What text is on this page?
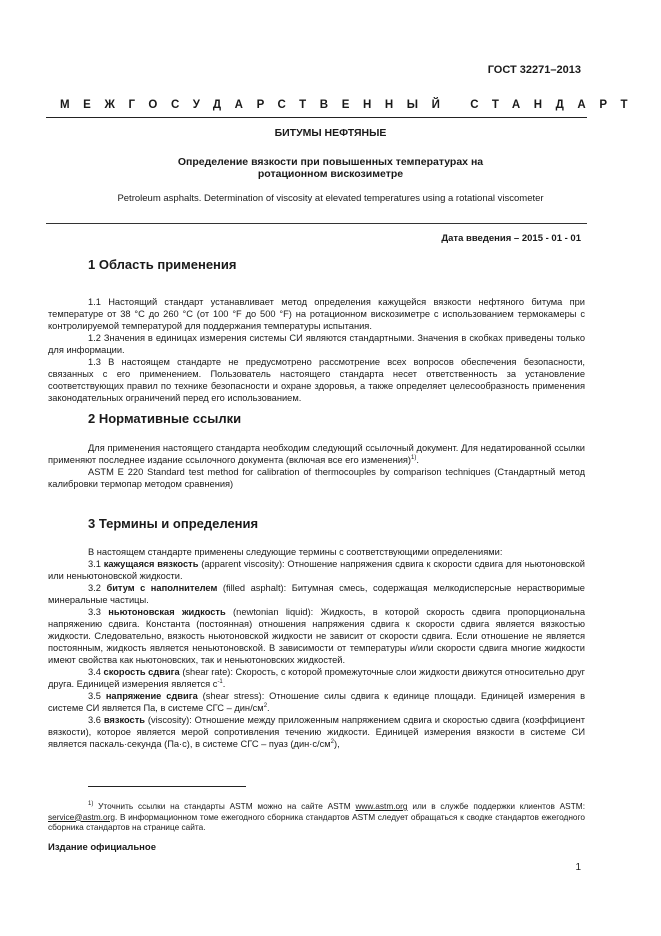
ГОСТ 32271–2013
МЕЖГОСУДАРСТВЕННЫЙ СТАНДАРТ
БИТУМЫ НЕФТЯНЫЕ
Определение вязкости при повышенных температурах на
ротационном вискозиметре
Petroleum asphalts. Determination of viscosity at elevated temperatures using a rotational viscometer
Дата введения – 2015 - 01 - 01
1 Область применения

1.1 Настоящий стандарт устанавливает метод определения кажущейся вязкости нефтяного битума при температуре от 38 °С до 260 °С (от 100 °F до 500 °F) на ротационном вискозиметре с использованием термокамеры с контролируемой температурой для поддержания температуры испытания.

1.2 Значения в единицах измерения системы СИ являются стандартными. Значения в скобках приведены только для информации.

1.3 В настоящем стандарте не предусмотрено рассмотрение всех вопросов обеспечения безопасности, связанных с его применением. Пользователь настоящего стандарта несет ответственность за установление соответствующих правил по технике безопасности и охране здоровья, а также определяет целесообразность применения законодательных ограничений перед его использованием.

2 Нормативные ссылки

Для применения настоящего стандарта необходим следующий ссылочный документ. Для недатированной ссылки применяют последнее издание ссылочного документа (включая все его изменения)$^{1)}$.

ASTM E 220 Standard test method for calibration of thermocouples by comparison techniques (Стандартный метод калибровки термопар методом сравнения)

3 Термины и определения

В настоящем стандарте применены следующие термины с соответствующими определениями:

3.1 кажущаяся вязкость (apparent viscosity): Отношение напряжения сдвига к скорости сдвига для ньютоновской или неньютоновской жидкости.

3.2 битум с наполнителем (filled asphalt): Битумная смесь, содержащая мелкодисперсные нерастворимые минеральные частицы.

3.3 ньютоновская жидкость (newtonian liquid): Жидкость, в которой скорость сдвига пропорциональна напряжению сдвига. Константа (постоянная) отношения напряжения сдвига к скорости сдвига является вязкостью жидкости. Следовательно, вязкость ньютоновской жидкости не зависит от скорости сдвига. Если отношение не является постоянным, жидкость является неньютоновской. В зависимости от температуры и/или скорости сдвига многие жидкости имеют свойства как ньютоновских, так и неньютоновских жидкостей.

3.4 скорость сдвига (shear rate): Скорость, с которой промежуточные слои жидкости движутся относительно друг друга. Единицей измерения является $с^{-1}$.

3.5 напряжение сдвига (shear stress): Отношение силы сдвига к единице площади. Единицей измерения в системе СИ является Па, в системе СГС – дин/$см^2$.

3.6 вязкость (viscosity): Отношение между приложенным напряжением сдвига и скоростью сдвига (коэффициент вязкости), которое является мерой сопротивления течению жидкости. Единицей измерения вязкости в системе СИ является паскаль·секунда (Па·с), в системе СГС – пуаз $(дин\cdot с/см^2)$,

$^{1)}$ Уточнить ссылки на стандарты ASTM можно на сайте ASTM www.astm.org или в службе поддержки клиентов ASTM: service@astm.org. В информационном томе ежегодного сборника стандартов ASTM следует обращаться к сводке стандартов ежегодного сборника стандартов на странице сайта.

Издание официальное
1
